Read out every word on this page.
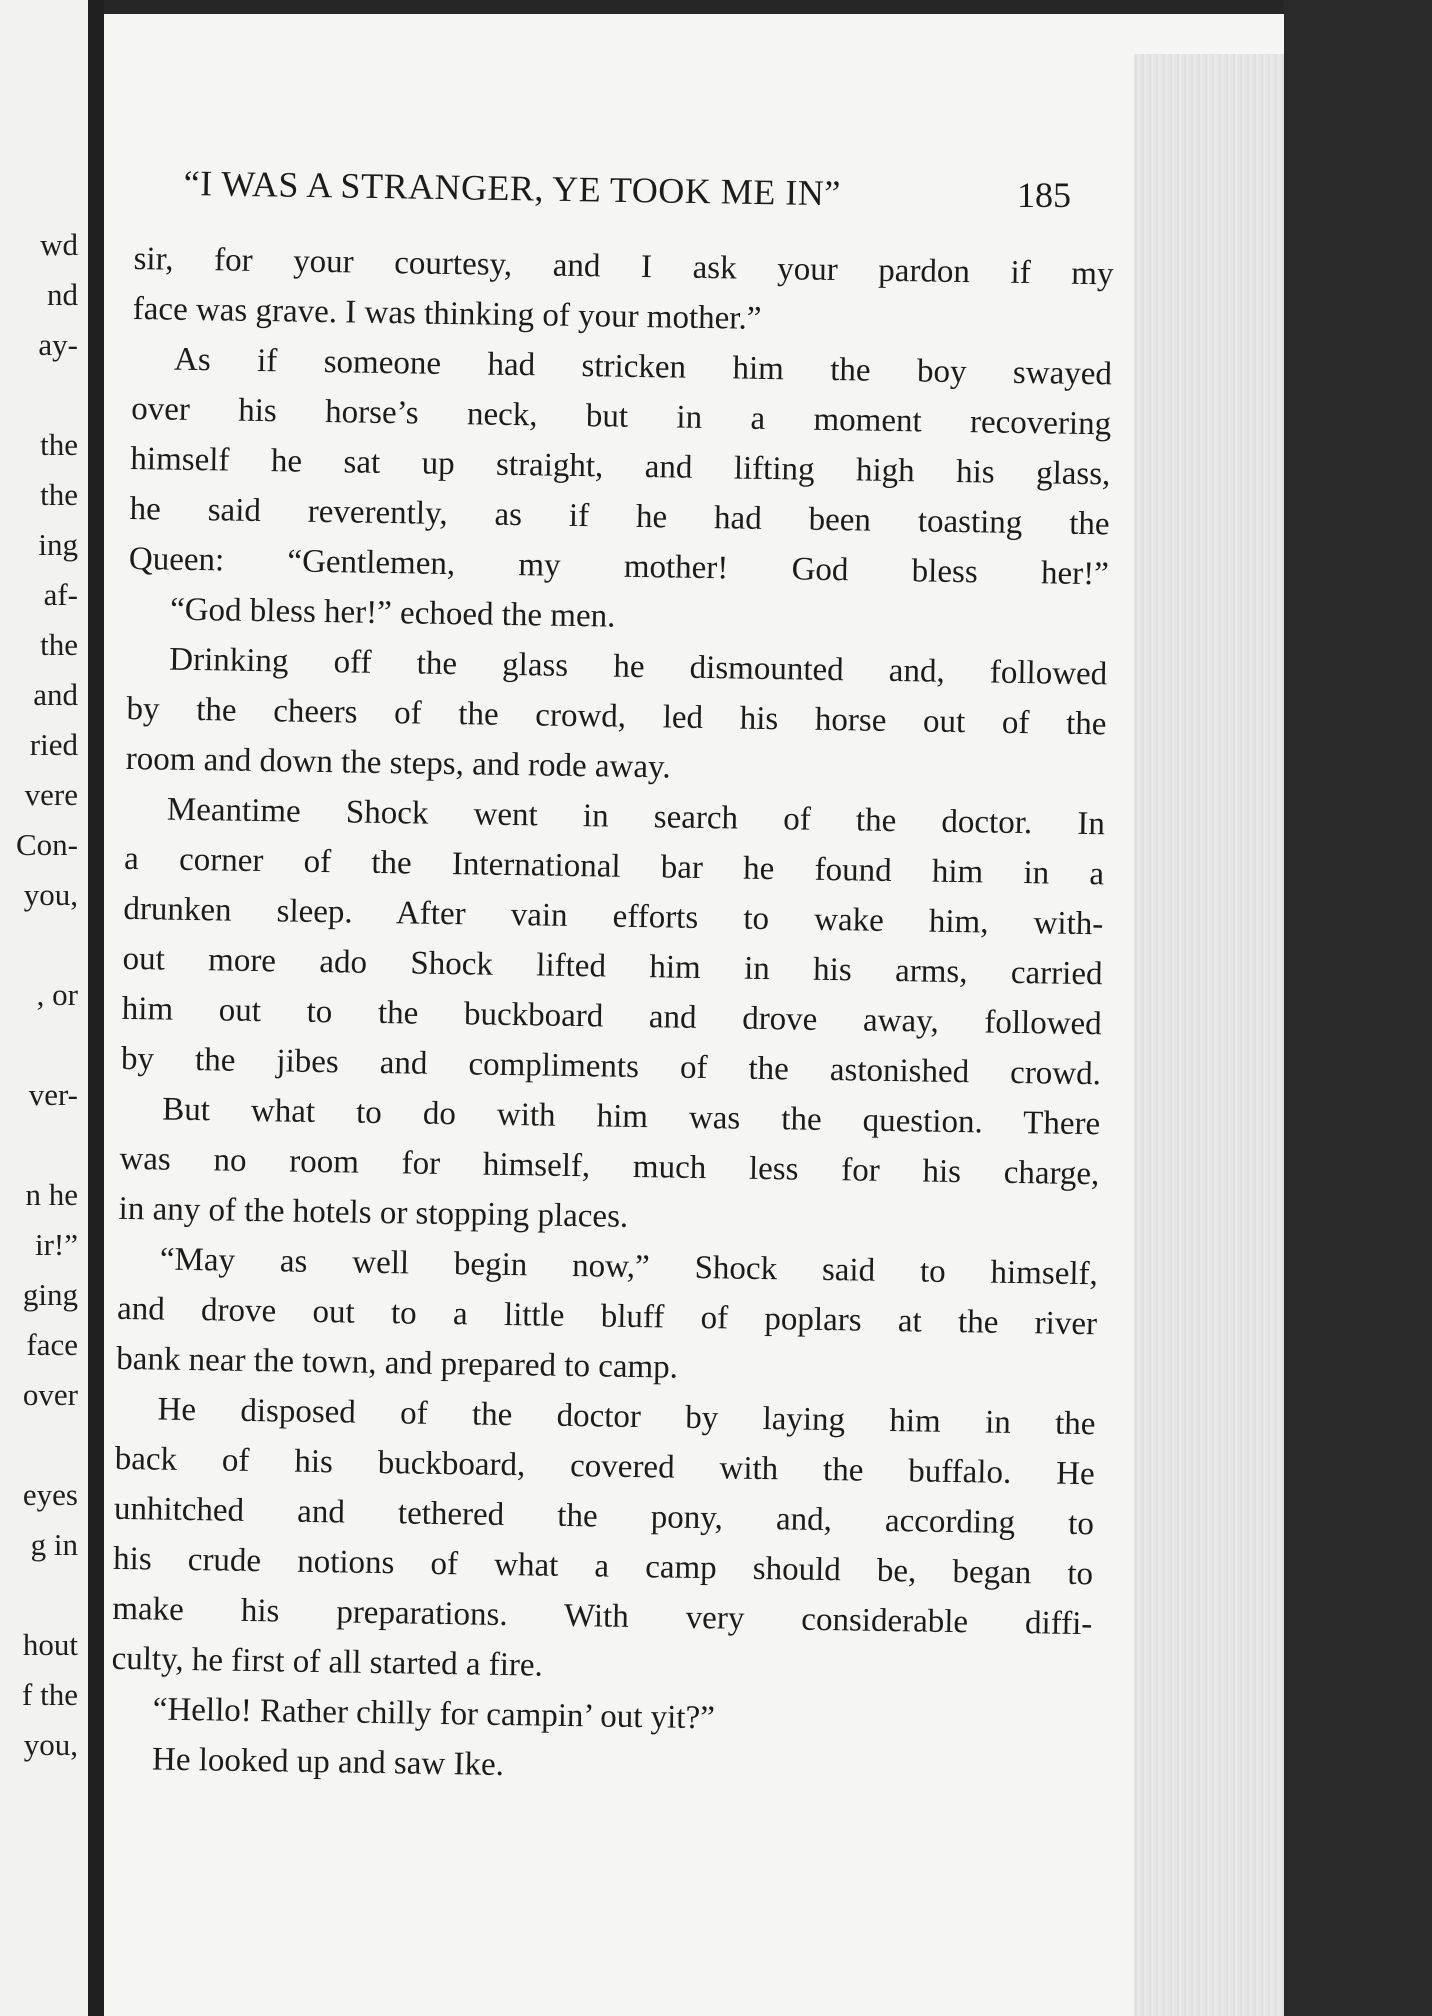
wd
nd
ay-
the
the
ing
af-
the
and
ried
vere
Con-
you,
, or
ver-
n he
ir!”
ging
face
over
eyes
g in
hout
f the
you,
“I WAS A STRANGER, YE TOOK ME IN”	185
sir, for your courtesy, and I ask your pardon if my
face was grave. I was thinking of your mother.”
As if someone had stricken him the boy swayed
over his horse’s neck, but in a moment recovering
himself he sat up straight, and lifting high his glass,
he said reverently, as if he had been toasting the
Queen: “Gentlemen, my mother! God bless her!”
“God bless her!” echoed the men.
Drinking off the glass he dismounted and, followed
by the cheers of the crowd, led his horse out of the
room and down the steps, and rode away.
Meantime Shock went in search of the doctor. In
a corner of the International bar he found him in a
drunken sleep. After vain efforts to wake him, with-
out more ado Shock lifted him in his arms, carried
him out to the buckboard and drove away, followed
by the jibes and compliments of the astonished crowd.
But what to do with him was the question. There
was no room for himself, much less for his charge,
in any of the hotels or stopping places.
“May as well begin now,” Shock said to himself,
and drove out to a little bluff of poplars at the river
bank near the town, and prepared to camp.
He disposed of the doctor by laying him in the
back of his buckboard, covered with the buffalo. He
unhitched and tethered the pony, and, according to
his crude notions of what a camp should be, began to
make his preparations. With very considerable diffi-
culty, he first of all started a fire.
“Hello! Rather chilly for campin’ out yit?”
He looked up and saw Ike.
